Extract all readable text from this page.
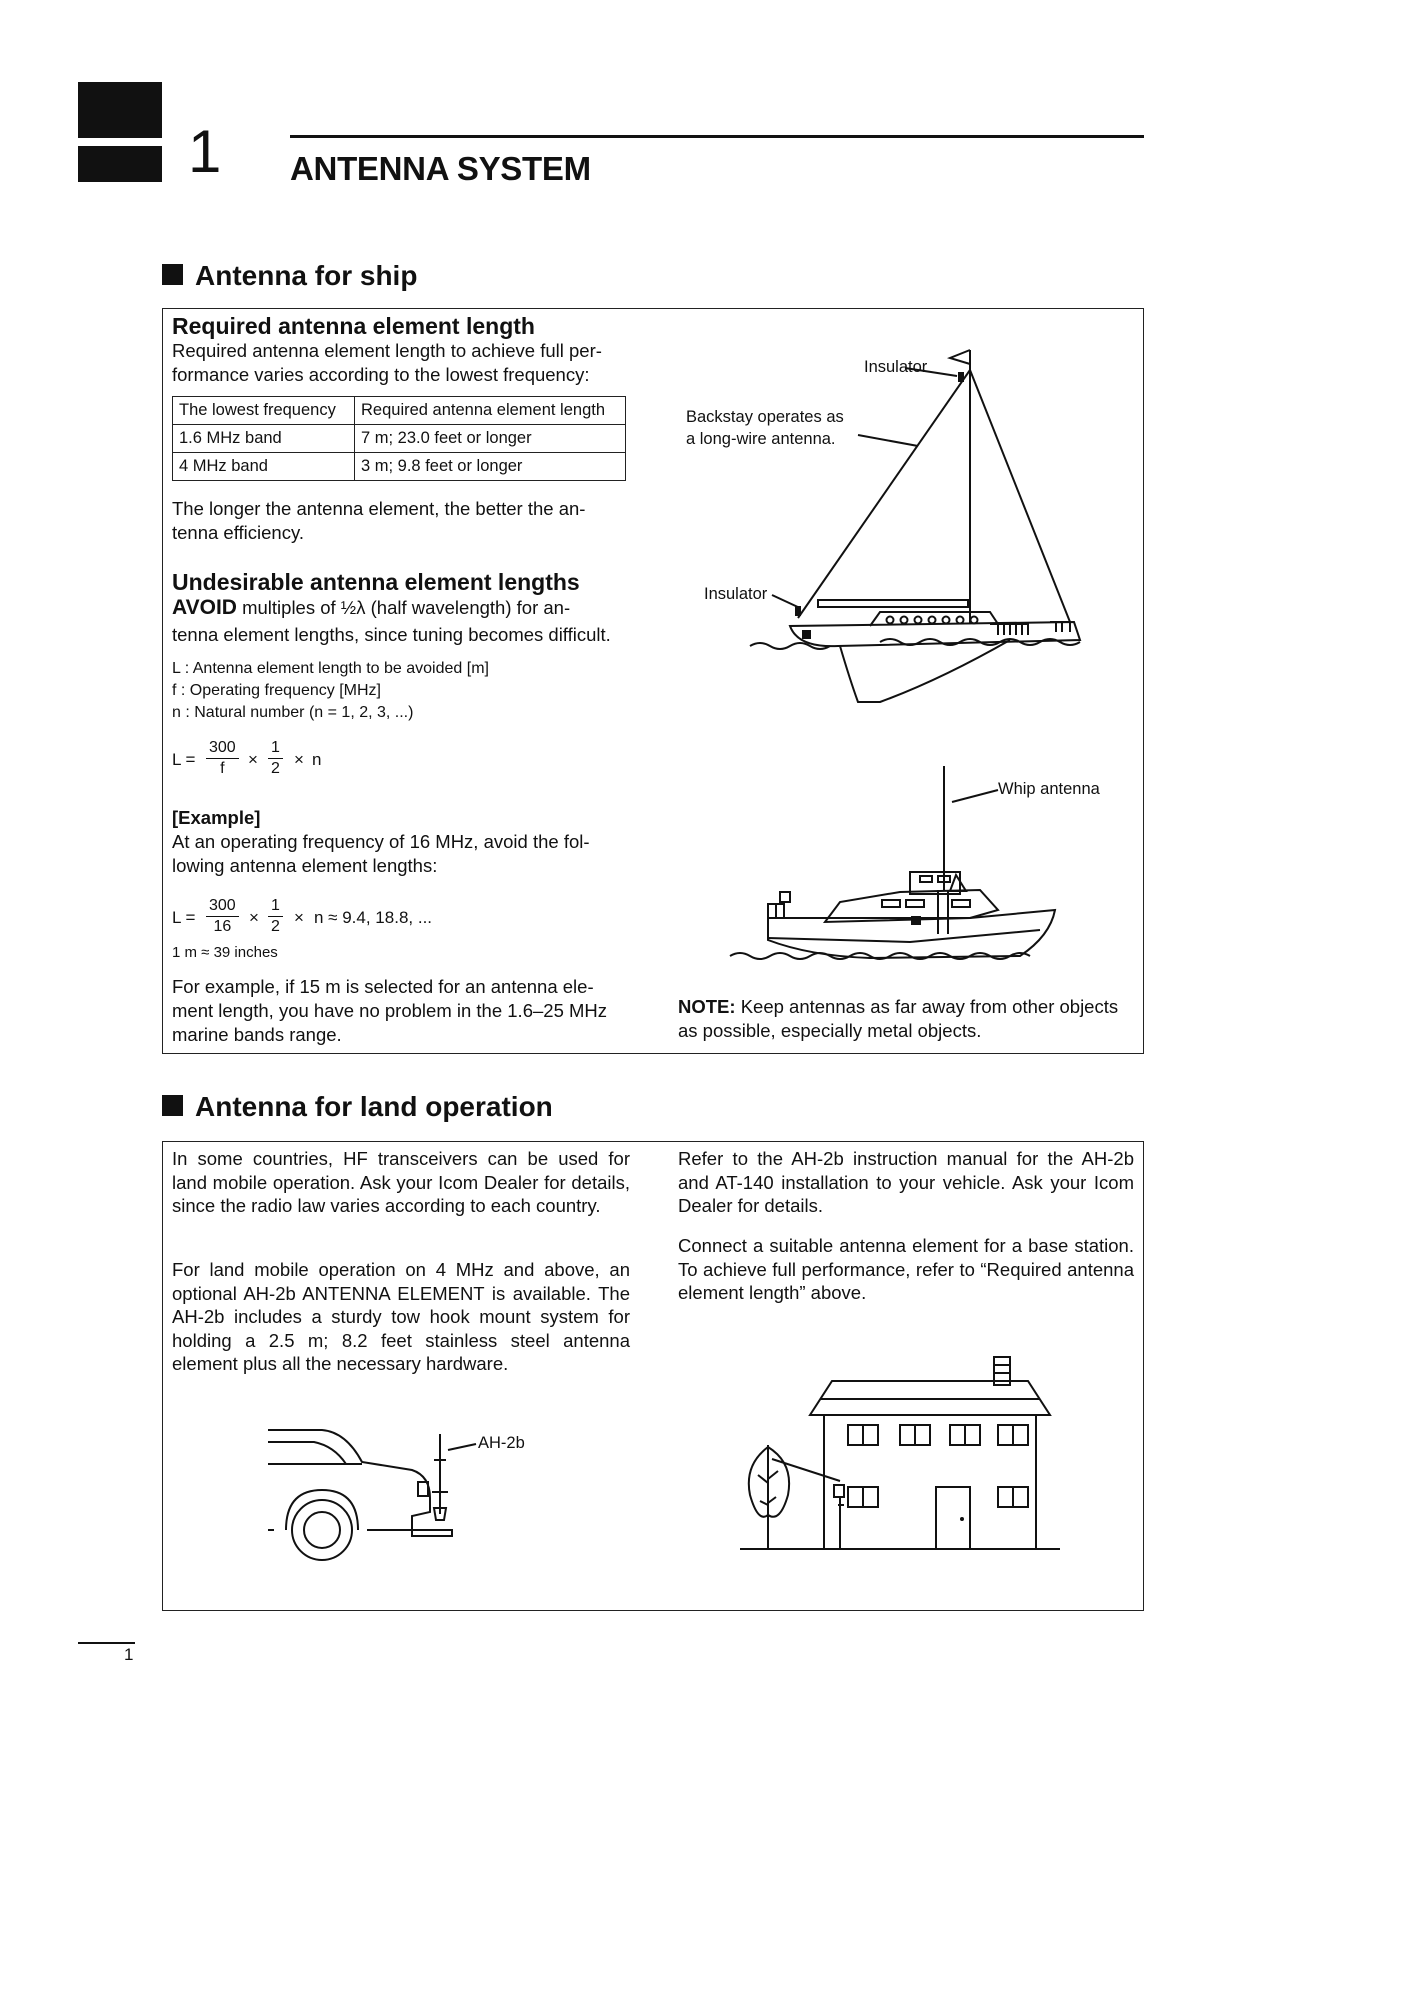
1 ANTENNA SYSTEM
Antenna for ship
Required antenna element length
Required antenna element length to achieve full per-
formance varies according to the lowest frequency:
The lowest frequency	Required antenna element length
1.6 MHz band	7 m; 23.0 feet or longer
4 MHz band	3 m; 9.8 feet or longer
The longer the antenna element, the better the an-
tenna efficiency.
Undesirable antenna element lengths
AVOID multiples of ½λ (half wavelength) for an-
tenna element lengths, since tuning becomes difficult.
L : Antenna element length to be avoided [m]
f : Operating frequency [MHz]
n : Natural number (n = 1, 2, 3, ...)
$L = \frac{300}{f} \times \frac{1}{2} \times n$
[Example]
At an operating frequency of 16 MHz, avoid the fol-
lowing antenna element lengths:
$L = \frac{300}{16} \times \frac{1}{2} \times n \approx 9.4$, 18.8, ...
1 m ≈ 39 inches
For example, if 15 m is selected for an antenna ele-
ment length, you have no problem in the 1.6–25 MHz
marine bands range.
Insulator
Backstay operates as
a long-wire antenna.
Insulator
Whip antenna
NOTE: Keep antennas as far away from other objects
as possible, especially metal objects.
Antenna for land operation
In some countries, HF transceivers can be used for land mobile operation. Ask your Icom Dealer for details, since the radio law varies according to each country.
For land mobile operation on 4 MHz and above, an optional AH-2b ANTENNA ELEMENT is available. The AH-2b includes a sturdy tow hook mount system for holding a 2.5 m; 8.2 feet stainless steel antenna element plus all the necessary hardware.
Refer to the AH-2b instruction manual for the AH-2b and AT-140 installation to your vehicle. Ask your Icom Dealer for details.
Connect a suitable antenna element for a base station. To achieve full performance, refer to “Required antenna element length” above.
AH-2b
1
